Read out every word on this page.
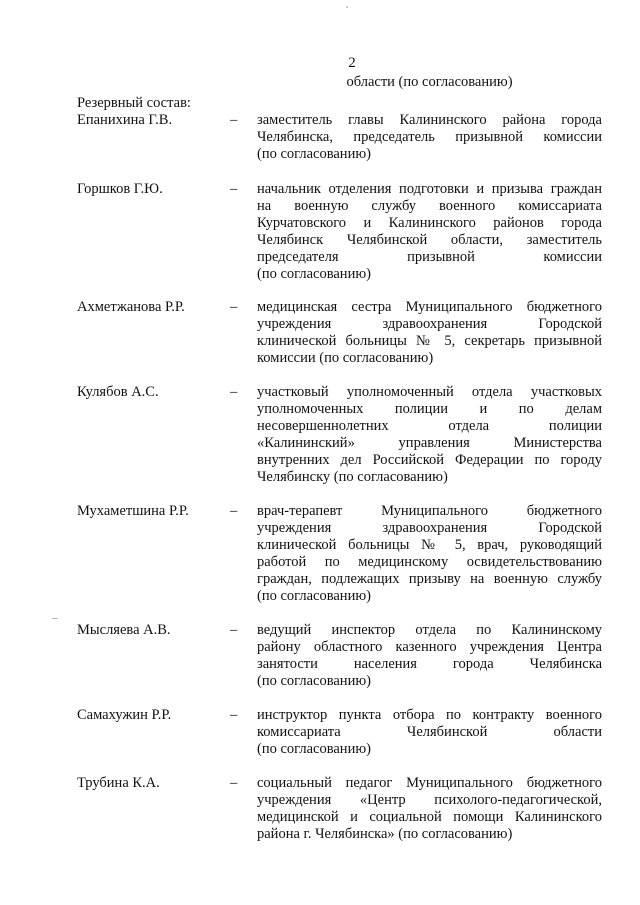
2
области (по согласованию)
Резервный состав:
Епанихина Г.В.	–	заместитель главы Калининского района города
Челябинска, председатель призывной комиссии
(по согласованию)
Горшков Г.Ю.	–	начальник отделения подготовки и призыва граждан
на военную службу военного комиссариата
Курчатовского и Калининского районов города
Челябинск Челябинской области, заместитель
председателя призывной комиссии
(по согласованию)
Ахметжанова Р.Р.	–	медицинская сестра Муниципального бюджетного
учреждения здравоохранения Городской
клинической больницы № 5, секретарь призывной
комиссии (по согласованию)
Кулябов А.С.	–	участковый уполномоченный отдела участковых
уполномоченных полиции и по делам
несовершеннолетних отдела полиции
«Калининский» управления Министерства
внутренних дел Российской Федерации по городу
Челябинску (по согласованию)
Мухаметшина Р.Р.	–	врач-терапевт Муниципального бюджетного
учреждения здравоохранения Городской
клинической больницы № 5, врач, руководящий
работой по медицинскому освидетельствованию
граждан, подлежащих призыву на военную службу
(по согласованию)
Мысляева А.В.	–	ведущий инспектор отдела по Калининскому
району областного казенного учреждения Центра
занятости населения города Челябинска
(по согласованию)
Самахужин Р.Р.	–	инструктор пункта отбора по контракту военного
комиссариата Челябинской области
(по согласованию)
Трубина К.А.	–	социальный педагог Муниципального бюджетного
учреждения «Центр психолого-педагогической,
медицинской и социальной помощи Калининского
района г. Челябинска» (по согласованию)
